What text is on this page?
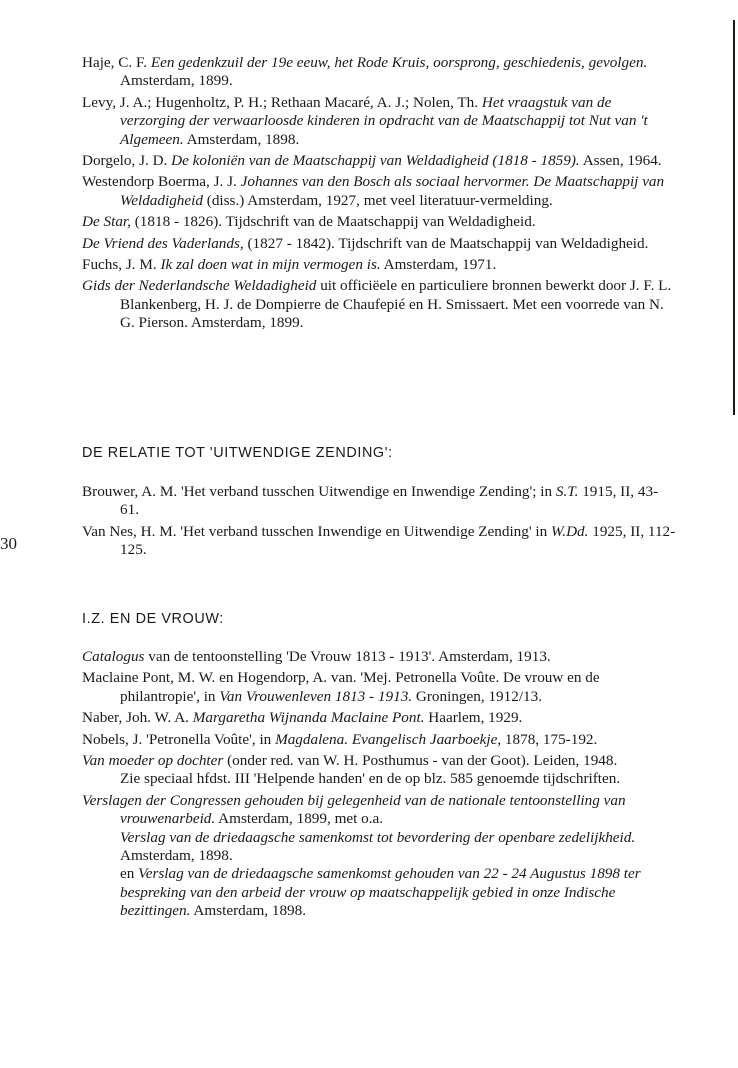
30

Haje, C. F. Een gedenkzuil der 19e eeuw, het Rode Kruis, oorsprong, geschiedenis, gevolgen. Amsterdam, 1899.

Levy, J. A.; Hugenholtz, P. H.; Rethaan Macaré, A. J.; Nolen, Th. Het vraagstuk van de verzorging der verwaarloosde kinderen in opdracht van de Maatschappij tot Nut van 't Algemeen. Amsterdam, 1898.

Dorgelo, J. D. De koloniën van de Maatschappij van Weldadigheid (1818 - 1859). Assen, 1964.

Westendorp Boerma, J. J. Johannes van den Bosch als sociaal hervormer. De Maatschappij van Weldadigheid (diss.) Amsterdam, 1927, met veel literatuur-vermelding.

De Star, (1818 - 1826). Tijdschrift van de Maatschappij van Weldadigheid.

De Vriend des Vaderlands, (1827 - 1842). Tijdschrift van de Maatschappij van Weldadigheid.

Fuchs, J. M. Ik zal doen wat in mijn vermogen is. Amsterdam, 1971.

Gids der Nederlandsche Weldadigheid uit officiëele en particuliere bronnen bewerkt door J. F. L. Blankenberg, H. J. de Dompierre de Chaufepié en H. Smissaert. Met een voorrede van N. G. Pierson. Amsterdam, 1899.

DE RELATIE TOT 'UITWENDIGE ZENDING':

Brouwer, A. M. 'Het verband tusschen Uitwendige en Inwendige Zending'; in S.T. 1915, II, 43-61.

Van Nes, H. M. 'Het verband tusschen Inwendige en Uitwendige Zending' in W.Dd. 1925, II, 112-125.

I.Z. EN DE VROUW:

Catalogus van de tentoonstelling 'De Vrouw 1813 - 1913'. Amsterdam, 1913.

Maclaine Pont, M. W. en Hogendorp, A. van. 'Mej. Petronella Voûte. De vrouw en de philantropie', in Van Vrouwenleven 1813 - 1913. Groningen, 1912/13.

Naber, Joh. W. A. Margaretha Wijnanda Maclaine Pont. Haarlem, 1929.

Nobels, J. 'Petronella Voûte', in Magdalena. Evangelisch Jaarboekje, 1878, 175-192.

Van moeder op dochter (onder red. van W. H. Posthumus - van der Goot). Leiden, 1948.
Zie speciaal hfdst. III 'Helpende handen' en de op blz. 585 genoemde tijdschriften.

Verslagen der Congressen gehouden bij gelegenheid van de nationale tentoonstelling van vrouwenarbeid. Amsterdam, 1899, met o.a.
Verslag van de driedaagsche samenkomst tot bevordering der openbare zedelijkheid. Amsterdam, 1898.
en Verslag van de driedaagsche samenkomst gehouden van 22 - 24 Augustus 1898 ter bespreking van den arbeid der vrouw op maatschappelijk gebied in onze Indische bezittingen. Amsterdam, 1898.
